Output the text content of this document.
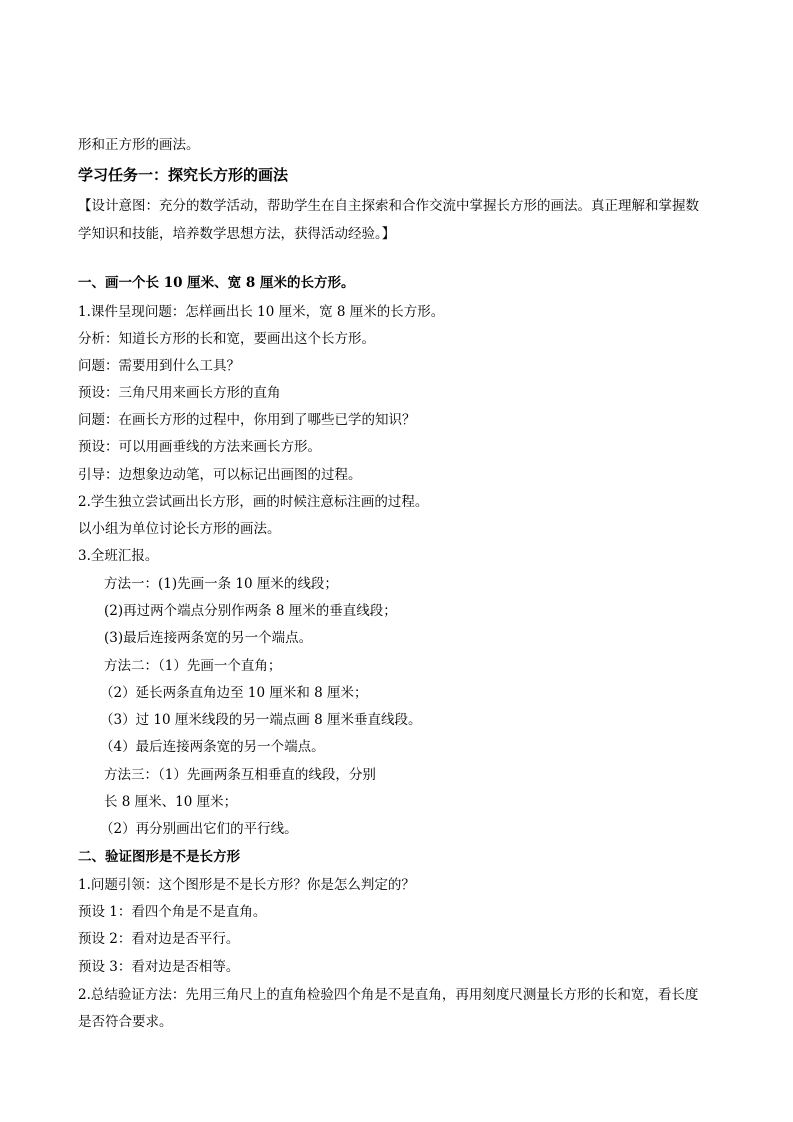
形和正方形的画法。
学习任务一：探究长方形的画法
【设计意图：充分的数学活动，帮助学生在自主探索和合作交流中掌握长方形的画法。真正理解和掌握数
学知识和技能，培养数学思想方法，获得活动经验。】
一、画一个长 10 厘米、宽 8 厘米的长方形。
1.课件呈现问题：怎样画出长 10 厘米，宽 8 厘米的长方形。
分析：知道长方形的长和宽，要画出这个长方形。
问题：需要用到什么工具？
预设：三角尺用来画长方形的直角
问题：在画长方形的过程中，你用到了哪些已学的知识？
预设：可以用画垂线的方法来画长方形。
引导：边想象边动笔，可以标记出画图的过程。
2.学生独立尝试画出长方形，画的时候注意标注画的过程。
以小组为单位讨论长方形的画法。
3.全班汇报。
方法一：(1)先画一条 10 厘米的线段；
(2)再过两个端点分别作两条 8 厘米的垂直线段；
(3)最后连接两条宽的另一个端点。
方法二：（1）先画一个直角；
（2）延长两条直角边至 10 厘米和 8 厘米；
（3）过 10 厘米线段的另一端点画 8 厘米垂直线段。
（4）最后连接两条宽的另一个端点。
方法三：（1）先画两条互相垂直的线段，分别
长 8 厘米、10 厘米；
（2）再分别画出它们的平行线。
二、验证图形是不是长方形
1.问题引领：这个图形是不是长方形？你是怎么判定的？
预设 1：看四个角是不是直角。
预设 2：看对边是否平行。
预设 3：看对边是否相等。
2.总结验证方法：先用三角尺上的直角检验四个角是不是直角，再用刻度尺测量长方形的长和宽，看长度
是否符合要求。
